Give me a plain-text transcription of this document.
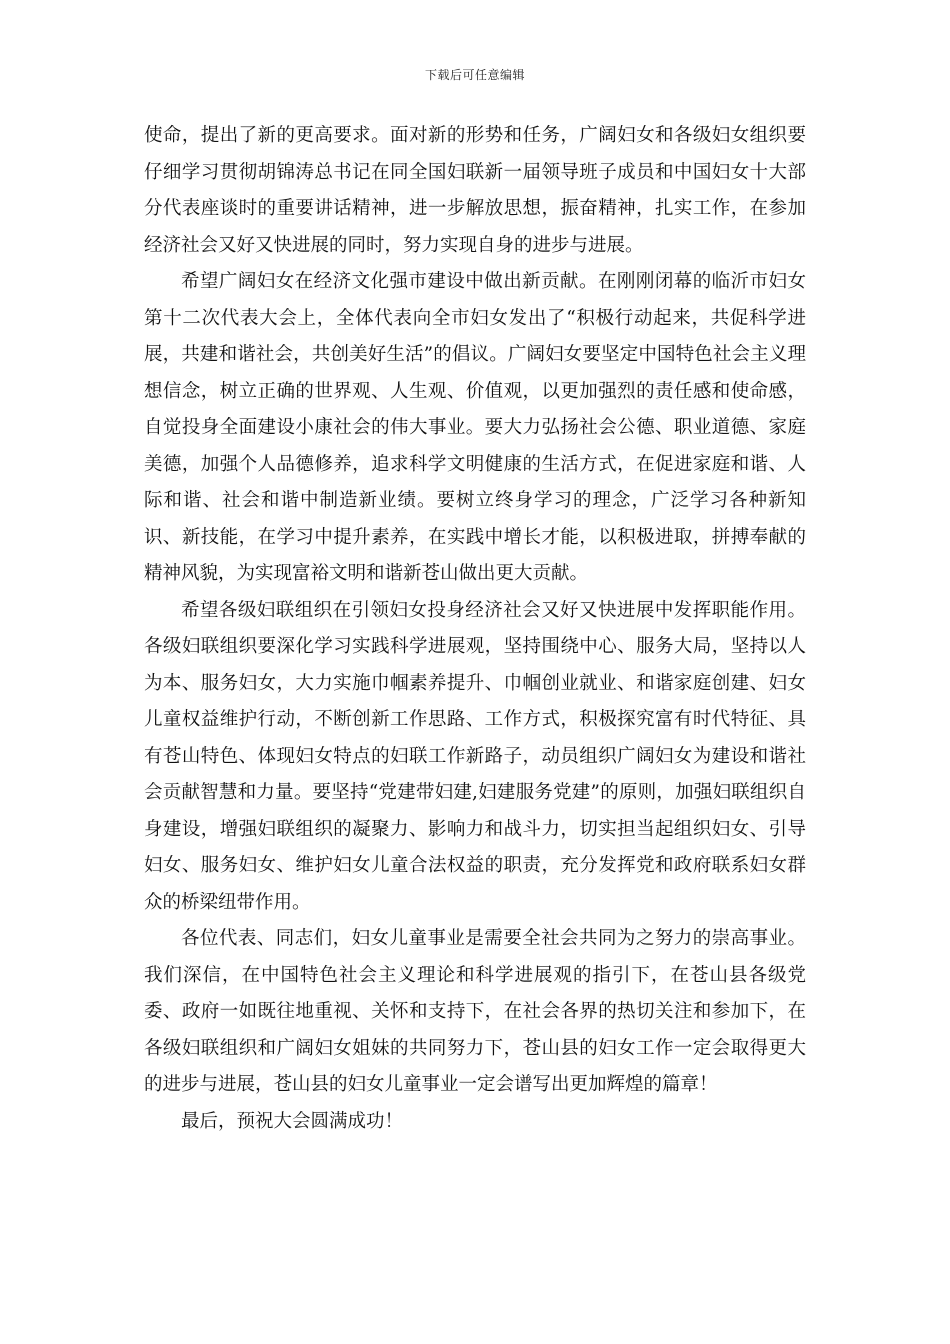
下载后可任意编辑

使命，提出了新的更高要求。面对新的形势和任务，广阔妇女和各级妇女组织要仔细学习贯彻胡锦涛总书记在同全国妇联新一届领导班子成员和中国妇女十大部分代表座谈时的重要讲话精神，进一步解放思想，振奋精神，扎实工作，在参加经济社会又好又快进展的同时，努力实现自身的进步与进展。

希望广阔妇女在经济文化强市建设中做出新贡献。在刚刚闭幕的临沂市妇女第十二次代表大会上，全体代表向全市妇女发出了“积极行动起来，共促科学进展，共建和谐社会，共创美好生活”的倡议。广阔妇女要坚定中国特色社会主义理想信念，树立正确的世界观、人生观、价值观，以更加强烈的责任感和使命感，自觉投身全面建设小康社会的伟大事业。要大力弘扬社会公德、职业道德、家庭美德，加强个人品德修养，追求科学文明健康的生活方式，在促进家庭和谐、人际和谐、社会和谐中制造新业绩。要树立终身学习的理念，广泛学习各种新知识、新技能，在学习中提升素养，在实践中增长才能，以积极进取，拼搏奉献的精神风貌，为实现富裕文明和谐新苍山做出更大贡献。

希望各级妇联组织在引领妇女投身经济社会又好又快进展中发挥职能作用。各级妇联组织要深化学习实践科学进展观，坚持围绕中心、服务大局，坚持以人为本、服务妇女，大力实施巾帼素养提升、巾帼创业就业、和谐家庭创建、妇女儿童权益维护行动，不断创新工作思路、工作方式，积极探究富有时代特征、具有苍山特色、体现妇女特点的妇联工作新路子，动员组织广阔妇女为建设和谐社会贡献智慧和力量。要坚持“党建带妇建,妇建服务党建”的原则，加强妇联组织自身建设，增强妇联组织的凝聚力、影响力和战斗力，切实担当起组织妇女、引导妇女、服务妇女、维护妇女儿童合法权益的职责，充分发挥党和政府联系妇女群众的桥梁纽带作用。

各位代表、同志们，妇女儿童事业是需要全社会共同为之努力的崇高事业。我们深信，在中国特色社会主义理论和科学进展观的指引下，在苍山县各级党委、政府一如既往地重视、关怀和支持下，在社会各界的热切关注和参加下，在各级妇联组织和广阔妇女姐妹的共同努力下，苍山县的妇女工作一定会取得更大的进步与进展，苍山县的妇女儿童事业一定会谱写出更加辉煌的篇章！

最后，预祝大会圆满成功！
